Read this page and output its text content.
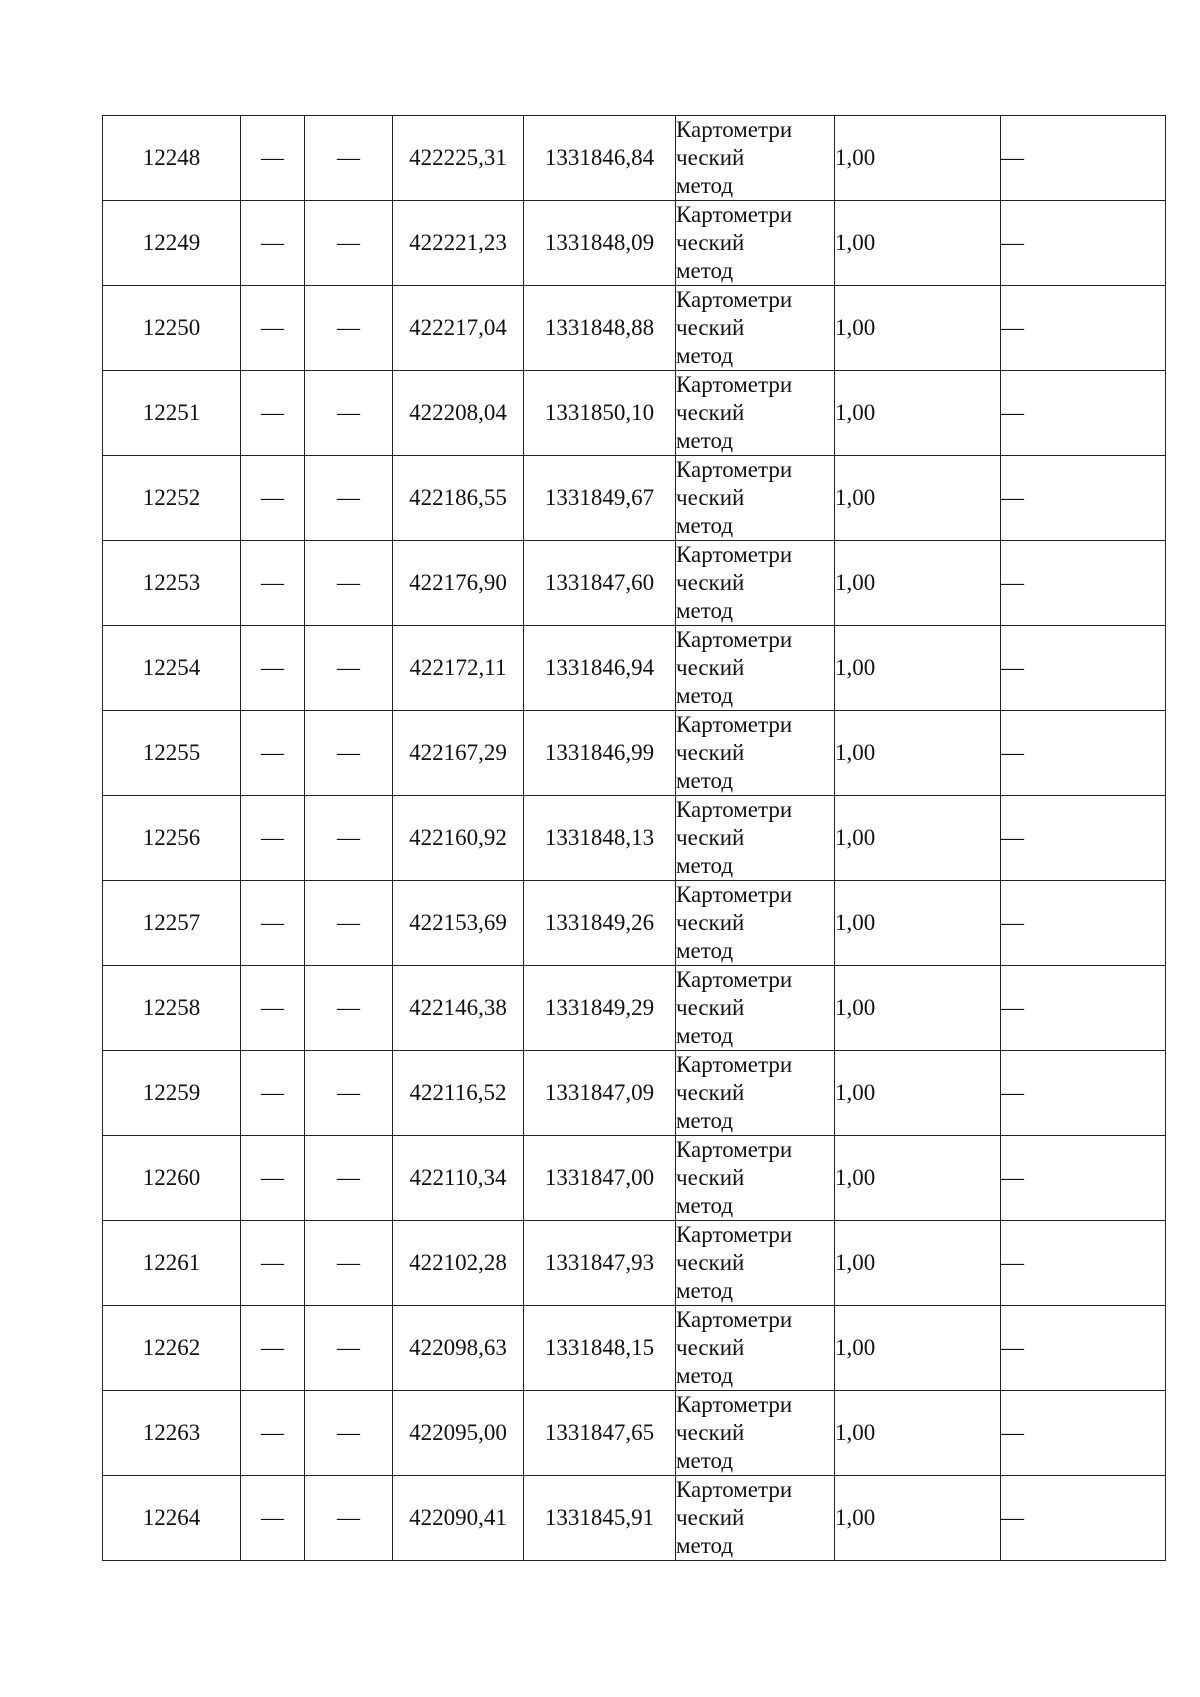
12248	—	—	422225,31	1331846,84	Картометри
ческий
метод	1,00	—
12249	—	—	422221,23	1331848,09	Картометри
ческий
метод	1,00	—
12250	—	—	422217,04	1331848,88	Картометри
ческий
метод	1,00	—
12251	—	—	422208,04	1331850,10	Картометри
ческий
метод	1,00	—
12252	—	—	422186,55	1331849,67	Картометри
ческий
метод	1,00	—
12253	—	—	422176,90	1331847,60	Картометри
ческий
метод	1,00	—
12254	—	—	422172,11	1331846,94	Картометри
ческий
метод	1,00	—
12255	—	—	422167,29	1331846,99	Картометри
ческий
метод	1,00	—
12256	—	—	422160,92	1331848,13	Картометри
ческий
метод	1,00	—
12257	—	—	422153,69	1331849,26	Картометри
ческий
метод	1,00	—
12258	—	—	422146,38	1331849,29	Картометри
ческий
метод	1,00	—
12259	—	—	422116,52	1331847,09	Картометри
ческий
метод	1,00	—
12260	—	—	422110,34	1331847,00	Картометри
ческий
метод	1,00	—
12261	—	—	422102,28	1331847,93	Картометри
ческий
метод	1,00	—
12262	—	—	422098,63	1331848,15	Картометри
ческий
метод	1,00	—
12263	—	—	422095,00	1331847,65	Картометри
ческий
метод	1,00	—
12264	—	—	422090,41	1331845,91	Картометри
ческий
метод	1,00	—
